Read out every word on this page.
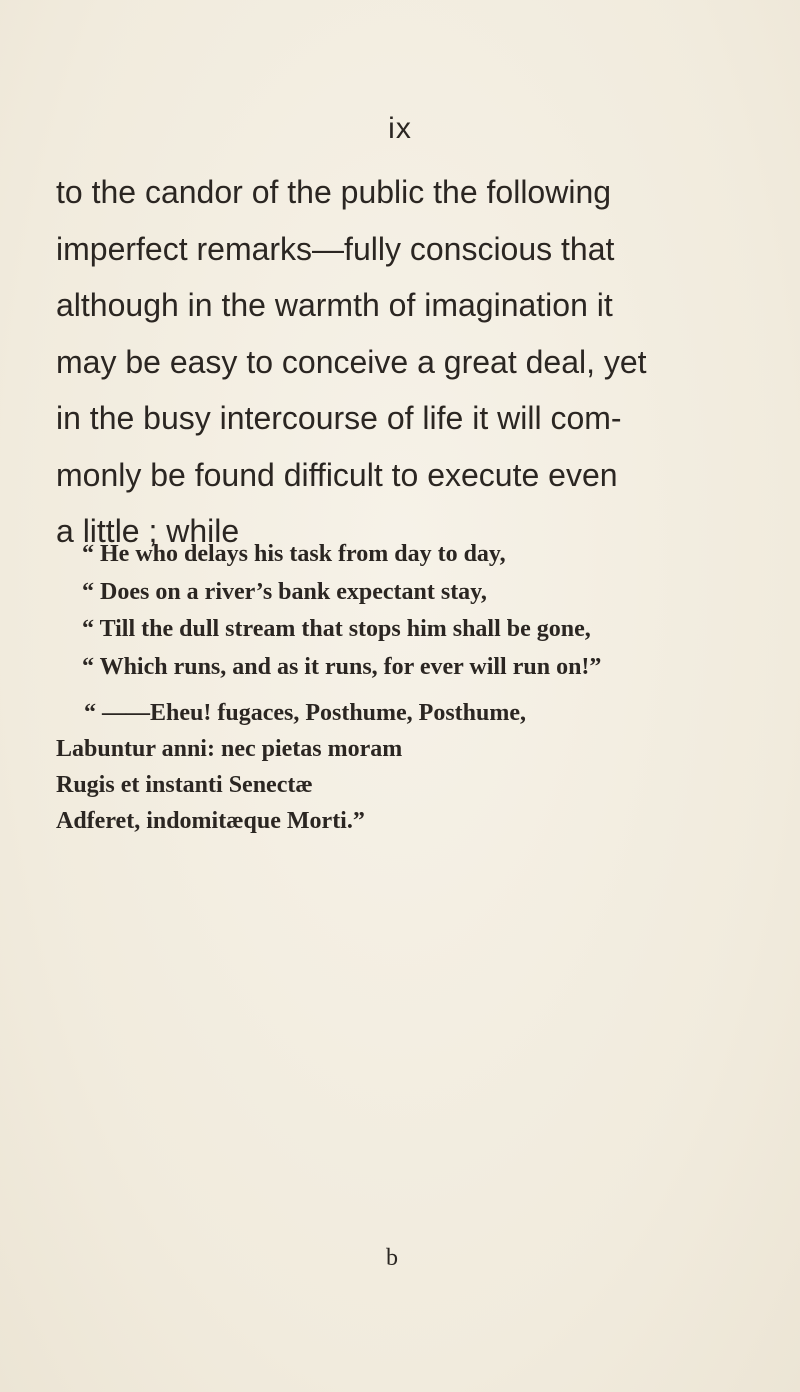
ix
to the candor of the public the following
imperfect remarks—fully conscious that
although in the warmth of imagination it
may be easy to conceive a great deal, yet
in the busy intercourse of life it will com-
monly be found difficult to execute even
a little ; while
“ He who delays his task from day to day,
“ Does on a river’s bank expectant stay,
“ Till the dull stream that stops him shall be gone,
“ Which runs, and as it runs, for ever will run on!”
“ ——Eheu! fugaces, Posthume, Posthume,
Labuntur anni: nec pietas moram
Rugis et instanti Senectæ
Adferet, indomitæque Morti.”
b
